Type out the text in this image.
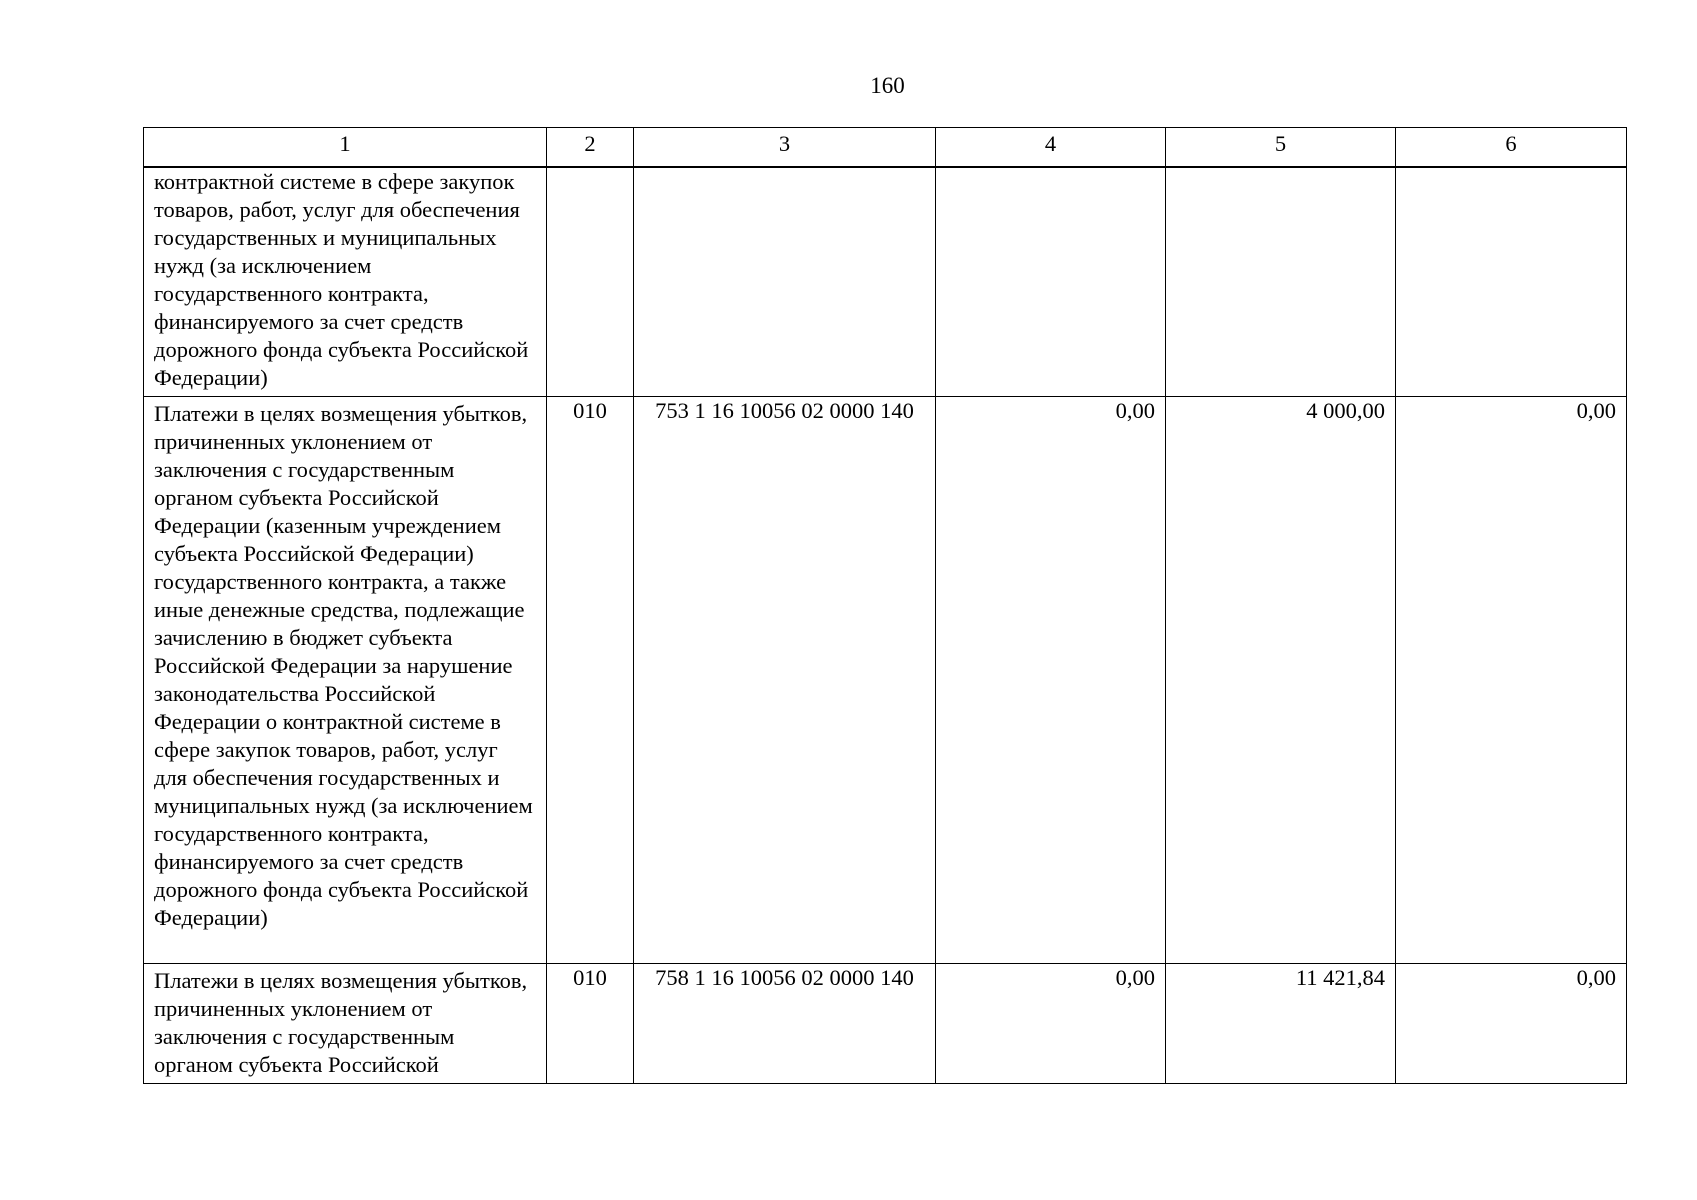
160
1	2	3	4	5	6

контрактной системе в сфере закупок товаров, работ, услуг для обеспечения государственных и муниципальных нужд (за исключением государственного контракта, финансируемого за счет средств дорожного фонда субъекта Российской Федерации)					

Платежи в целях возмещения убытков, причиненных уклонением от заключения с государственным органом субъекта Российской Федерации (казенным учреждением субъекта Российской Федерации) государственного контракта, а также иные денежные средства, подлежащие зачислению в бюджет субъекта Российской Федерации за нарушение законодательства Российской Федерации о контрактной системе в сфере закупок товаров, работ, услуг для обеспечения государственных и муниципальных нужд (за исключением государственного контракта, финансируемого за счет средств дорожного фонда субъекта Российской Федерации)	010	753 1 16 10056 02 0000 140	0,00	4 000,00	0,00

Платежи в целях возмещения убытков, причиненных уклонением от заключения с государственным органом субъекта Российской	010	758 1 16 10056 02 0000 140	0,00	11 421,84	0,00
